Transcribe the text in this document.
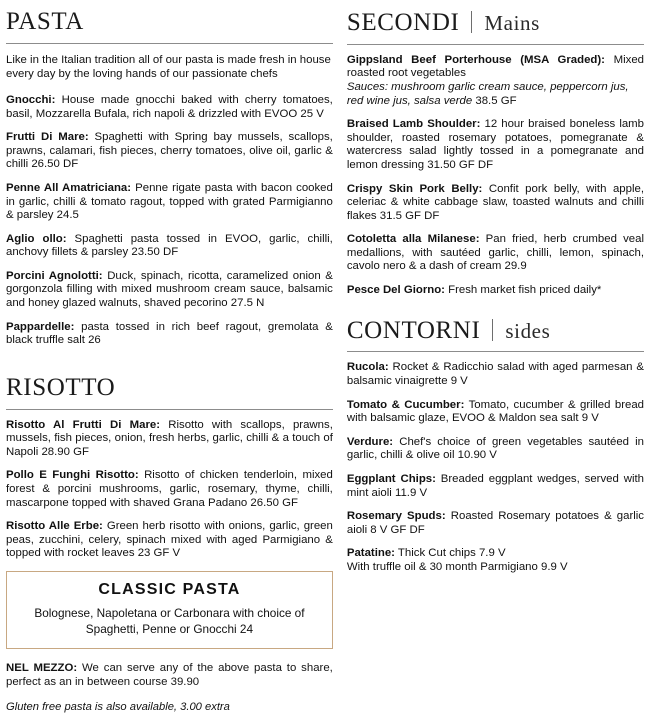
PASTA
Like in the Italian tradition all of our pasta is made fresh in house every day by the loving hands of our passionate chefs
Gnocchi: House made gnocchi baked with cherry tomatoes, basil, Mozzarella Bufala, rich napoli & drizzled with EVOO 25 V
Frutti Di Mare: Spaghetti with Spring bay mussels, scallops, prawns, calamari, fish pieces, cherry tomatoes, olive oil, garlic & chilli 26.50 DF
Penne All Amatriciana: Penne rigate pasta with bacon cooked in garlic, chilli & tomato ragout, topped with grated Parmigianno & parsley 24.5
Aglio ollo: Spaghetti pasta tossed in EVOO, garlic, chilli, anchovy fillets & parsley 23.50 DF
Porcini Agnolotti: Duck, spinach, ricotta, caramelized onion & gorgonzola filling with mixed mushroom cream sauce, balsamic and honey glazed walnuts, shaved pecorino 27.5 N
Pappardelle: pasta tossed in rich beef ragout, gremolata & black truffle salt 26
RISOTTO
Risotto Al Frutti Di Mare: Risotto with scallops, prawns, mussels, fish pieces, onion, fresh herbs, garlic, chilli & a touch of Napoli 28.90 GF
Pollo E Funghi Risotto: Risotto of chicken tenderloin, mixed forest & porcini mushrooms, garlic, rosemary, thyme, chilli, mascarpone topped with shaved Grana Padano 26.50 GF
Risotto Alle Erbe: Green herb risotto with onions, garlic, green peas, zucchini, celery, spinach mixed with aged Parmigiano & topped with rocket leaves 23 GF V
CLASSIC PASTA
Bolognese, Napoletana or Carbonara with choice of
Spaghetti, Penne or Gnocchi 24
NEL MEZZO: We can serve any of the above pasta to share, perfect as an in between course 39.90
Gluten free pasta is also available, 3.00 extra
SECONDI Mains
Gippsland Beef Porterhouse (MSA Graded): Mixed roasted root vegetables
Sauces: mushroom garlic cream sauce, peppercorn jus, red wine jus, salsa verde 38.5 GF
Braised Lamb Shoulder: 12 hour braised boneless lamb shoulder, roasted rosemary potatoes, pomegranate & watercress salad lightly tossed in a pomegranate and lemon dressing 31.50 GF DF
Crispy Skin Pork Belly: Confit pork belly, with apple, celeriac & white cabbage slaw, toasted walnuts and chilli flakes 31.5 GF DF
Cotoletta alla Milanese: Pan fried, herb crumbed veal medallions, with sautéed garlic, chilli, lemon, spinach, cavolo nero & a dash of cream 29.9
Pesce Del Giorno: Fresh market fish priced daily*
CONTORNI sides
Rucola: Rocket & Radicchio salad with aged parmesan & balsamic vinaigrette 9 V
Tomato & Cucumber: Tomato, cucumber & grilled bread with balsamic glaze, EVOO & Maldon sea salt 9 V
Verdure: Chef's choice of green vegetables sautéed in garlic, chilli & olive oil 10.90 V
Eggplant Chips: Breaded eggplant wedges, served with mint aioli 11.9 V
Rosemary Spuds: Roasted Rosemary potatoes & garlic aioli 8 V GF DF
Patatine: Thick Cut chips 7.9 V
With truffle oil & 30 month Parmigiano 9.9 V
